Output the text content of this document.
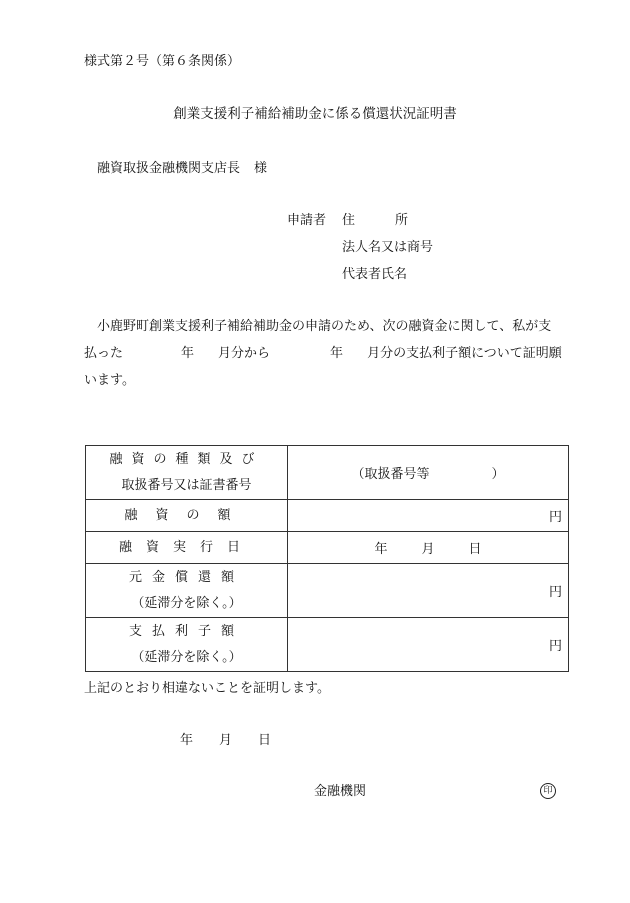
様式第２号（第６条関係）
創業支援利子補給補助金に係る償還状況証明書
融資取扱金融機関支店長 様
申請者 住	所
法人名又は商号
代表者氏名
小鹿野町創業支援利子補給補助金の申請のため、次の融資金に関して、私が支
払った	年 月分から	年 月分の支払利子額について証明願
います。
融資の種類及び
取扱番号又は証書番号	（取扱番号等 ）
融資の額	円
融資実行日	年 月 日

元金償還額
（延滞分を除く。）	円

支払利子額
（延滞分を除く。）	円
上記のとおり相違ないことを証明します。
年 月 日
金融機関	印
